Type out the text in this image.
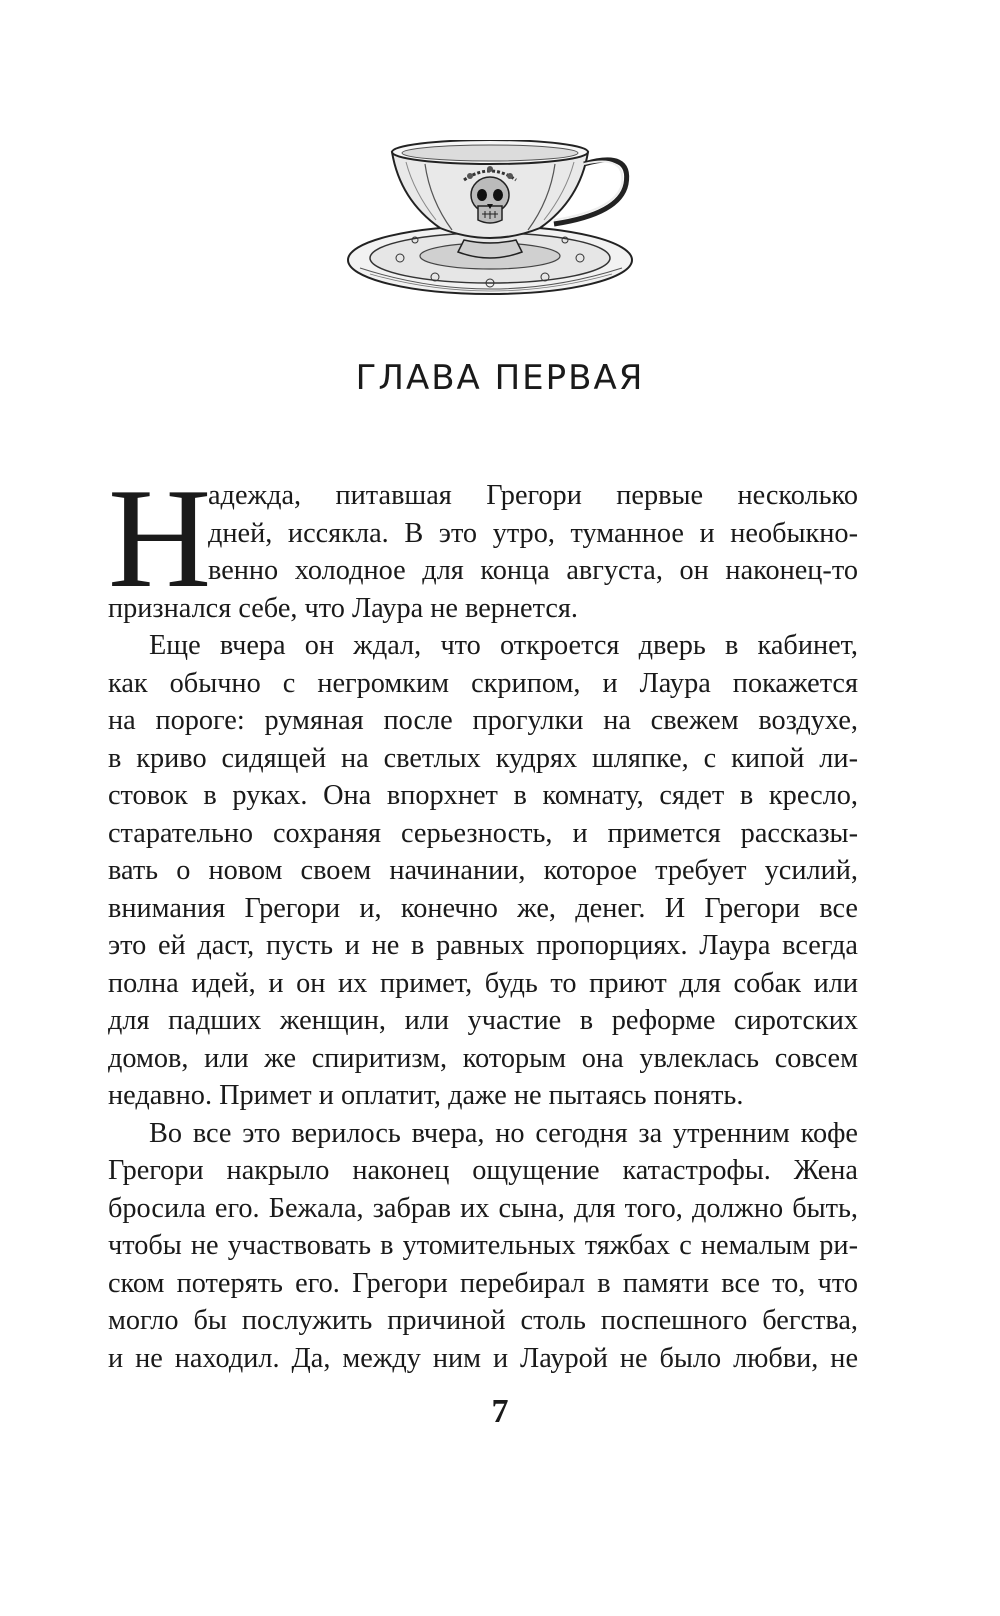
ГЛАВА ПЕРВАЯ
Н
адежда, питавшая Грегори первые несколько
дней, иссякла. В это утро, туманное и необыкно-
венно холодное для конца августа, он наконец-то
признался себе, что Лаура не вернется.
Еще вчера он ждал, что откроется дверь в кабинет,
как обычно с негромким скрипом, и Лаура покажется
на пороге: румяная после прогулки на свежем воздухе,
в криво сидящей на светлых кудрях шляпке, с кипой ли-
стовок в руках. Она впорхнет в комнату, сядет в кресло,
старательно сохраняя серьезность, и примется рассказы-
вать о новом своем начинании, которое требует усилий,
внимания Грегори и, конечно же, денег. И Грегори все
это ей даст, пусть и не в равных пропорциях. Лаура всегда
полна идей, и он их примет, будь то приют для собак или
для падших женщин, или участие в реформе сиротских
домов, или же спиритизм, которым она увлеклась совсем
недавно. Примет и оплатит, даже не пытаясь понять.
Во все это верилось вчера, но сегодня за утренним кофе
Грегори накрыло наконец ощущение катастрофы. Жена
бросила его. Бежала, забрав их сына, для того, должно быть,
чтобы не участвовать в утомительных тяжбах с немалым ри-
ском потерять его. Грегори перебирал в памяти все то, что
могло бы послужить причиной столь поспешного бегства,
и не находил. Да, между ним и Лаурой не было любви, не
7
